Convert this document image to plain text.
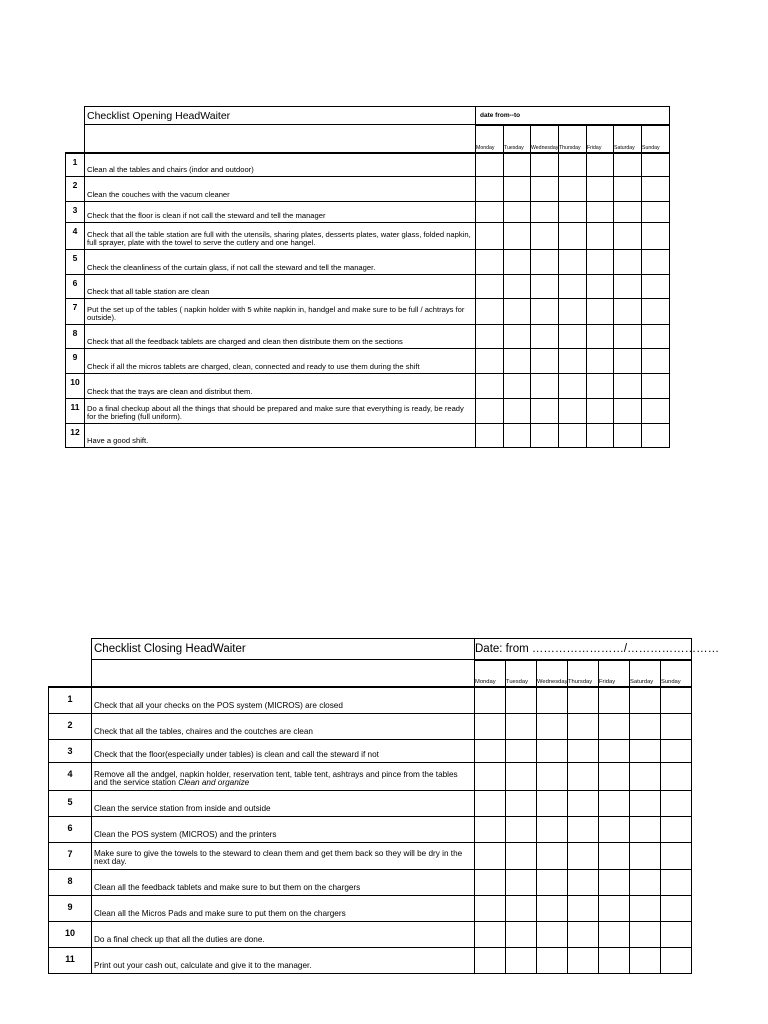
	Checklist Opening HeadWaiter	date from--to						
		Monday	Tuesday	Wednesday	Thursday	Friday	Saturday	Sunday
1	Clean al the tables and chairs (indor and outdoor)							
2	Clean the couches with the vacum cleaner							
3	Check that the floor is clean if not call the steward and tell the manager							
4	Check that all the table station are full with the utensils, sharing plates, desserts plates, water glass, folded napkin, full sprayer, plate with the towel to serve the cutlery and one hangel.							
5	Check the cleanliness of the curtain glass, if not call the steward and tell the manager.							
6	Check that all table station are clean							
7	Put the set up of the tables ( napkin holder with 5 white napkin in, handgel and make sure to be full / achtrays for outside).							
8	Check that all the feedback tablets are charged and clean then distribute them on the sections							
9	Check if all the micros tablets are charged, clean, connected and ready to use them during the shift							
10	Check that the trays are clean and distribut them.							
11	Do a final checkup about all the things that should be prepared and make sure that everything is ready, be ready for the briefing (full uniform).							
12	Have a good shift.							
	Checklist Closing HeadWaiter	Date: from ……………………/……………………						
		Monday	Tuesday	Wednesday	Thursday	Friday	Saturday	Sunday
1	Check that all your checks on the POS system (MICROS) are closed							
2	Check that all the tables, chaires and the coutches are clean							
3	Check that the floor(especially under tables) is clean and call the steward if not							
4	Remove all the andgel, napkin holder, reservation tent, table tent, ashtrays and pince from the tables and the service station Clean and organize							
5	Clean the service station from inside and outside							
6	Clean the POS system (MICROS) and the printers							
7	Make sure to give the towels to the steward to clean them and get them back so they will be dry in the next day.							
8	Clean all the feedback tablets and make sure to but them on the chargers							
9	Clean all the Micros Pads and make sure to put them on the chargers							
10	Do a final check up that all the duties are done.							
11	Print out your cash out, calculate and give it to the manager.							
